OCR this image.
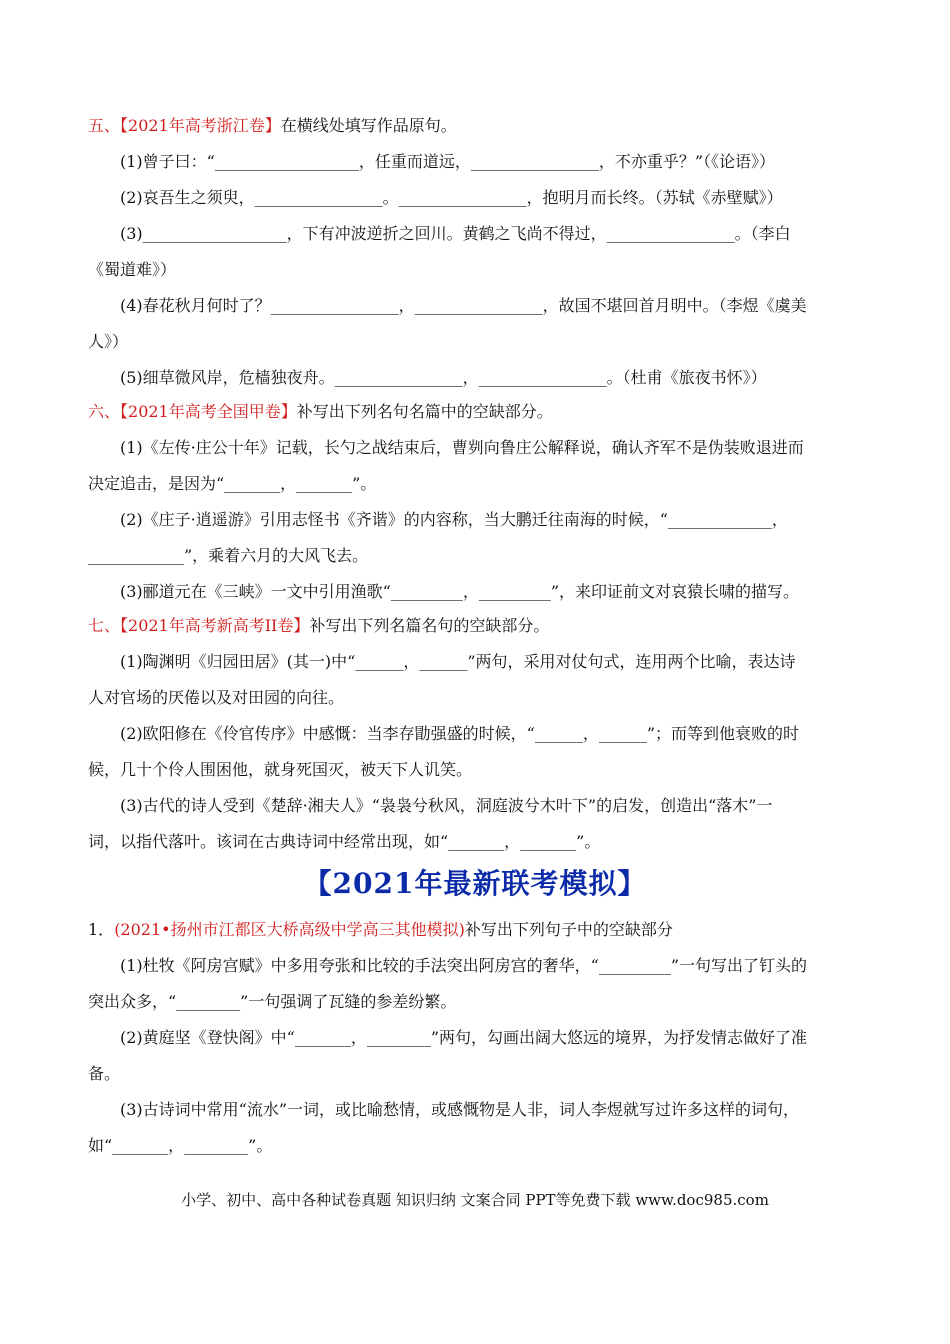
五、【2021年高考浙江卷】在横线处填写作品原句。
(1)曾子曰：“__________________，任重而道远，________________，不亦重乎？”（《论语》）
(2)哀吾生之须臾，________________。________________，抱明月而长终。（苏轼《赤壁赋》）
(3)__________________，下有冲波逆折之回川。黄鹤之飞尚不得过，________________。（李白
《蜀道难》）
(4)春花秋月何时了？________________，________________，故国不堪回首月明中。（李煜《虞美
人》）
(5)细草微风岸，危樯独夜舟。________________，________________。（杜甫《旅夜书怀》）
六、【2021年高考全国甲卷】补写出下列名句名篇中的空缺部分。
(1)《左传·庄公十年》记载，长勺之战结束后，曹刿向鲁庄公解释说，确认齐军不是伪装败退进而
决定追击，是因为“_______，_______”。
(2)《庄子·逍遥游》引用志怪书《齐谐》的内容称，当大鹏迁往南海的时候，“_____________，
____________”，乘着六月的大风飞去。
(3)郦道元在《三峡》一文中引用渔歌“_________，_________”，来印证前文对哀猿长啸的描写。
七、【2021年高考新高考II卷】补写出下列名篇名句的空缺部分。
(1)陶渊明《归园田居》(其一)中“______，______”两句，采用对仗句式，连用两个比喻，表达诗
人对官场的厌倦以及对田园的向往。
(2)欧阳修在《伶官传序》中感慨：当李存勖强盛的时候，“______，______”；而等到他衰败的时
候，几十个伶人围困他，就身死国灭，被天下人讥笑。
(3)古代的诗人受到《楚辞·湘夫人》“袅袅兮秋风，洞庭波兮木叶下”的启发，创造出“落木”一
词，以指代落叶。该词在古典诗词中经常出现，如“_______，_______”。
【2021年最新联考模拟】
1．(2021•扬州市江都区大桥高级中学高三其他模拟)补写出下列句子中的空缺部分
(1)杜牧《阿房宫赋》中多用夸张和比较的手法突出阿房宫的奢华，“_________”一句写出了钉头的
突出众多，“________”一句强调了瓦缝的参差纷繁。
(2)黄庭坚《登快阁》中“_______，________”两句，勾画出阔大悠远的境界，为抒发情志做好了准
备。
(3)古诗词中常用“流水”一词，或比喻愁情，或感慨物是人非，词人李煜就写过许多这样的词句，
如“_______，________”。
小学、初中、高中各种试卷真题 知识归纳 文案合同 PPT等免费下载 www.doc985.com
